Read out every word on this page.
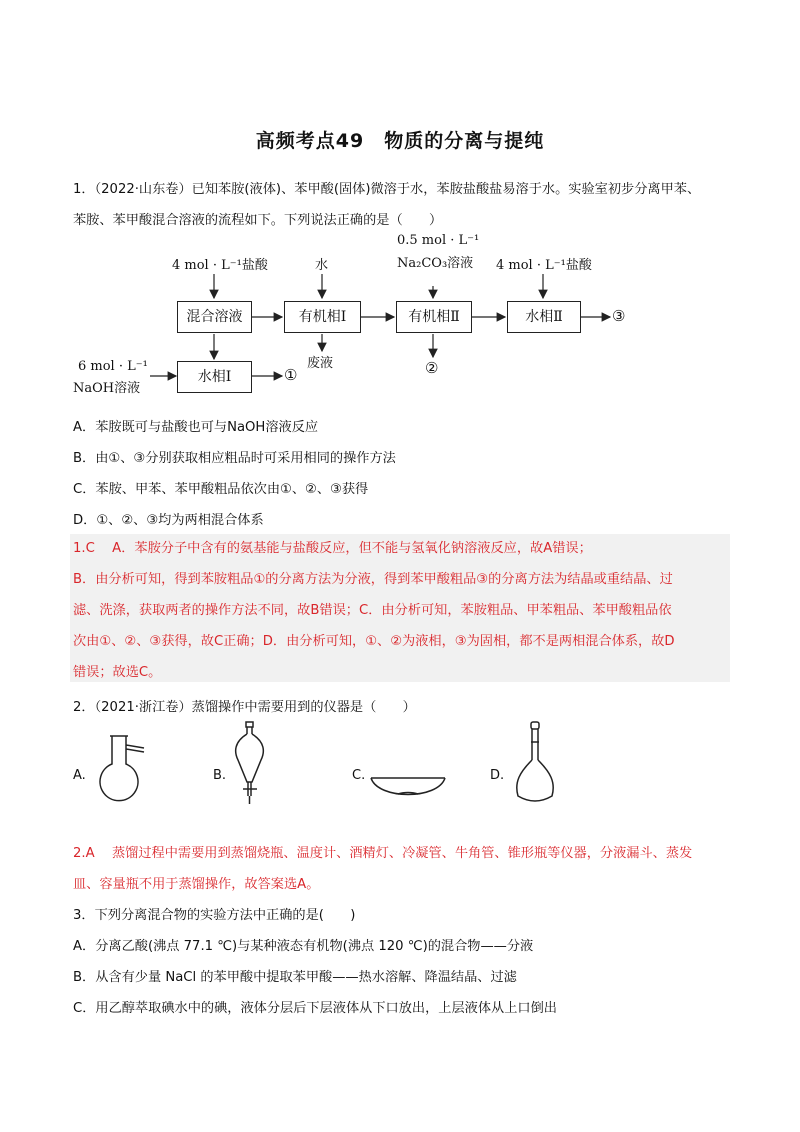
高频考点49　物质的分离与提纯
1．（2022·山东卷）已知苯胺(液体)、苯甲酸(固体)微溶于水，苯胺盐酸盐易溶于水。实验室初步分离甲苯、
苯胺、苯甲酸混合溶液的流程如下。下列说法正确的是（　　）
4 mol · L⁻¹盐酸	水
0.5 mol · L⁻¹
Na₂CO₃溶液 4 mol · L⁻¹盐酸
混合溶液	有机相Ⅰ	有机相Ⅱ	水相Ⅱ
水相Ⅰ
③
废液	②
6 mol · L⁻¹
NaOH溶液
①
A．苯胺既可与盐酸也可与NaOH溶液反应
B．由①、③分别获取相应粗品时可采用相同的操作方法
C．苯胺、甲苯、苯甲酸粗品依次由①、②、③获得
D．①、②、③均为两相混合体系
1.C　 A．苯胺分子中含有的氨基能与盐酸反应，但不能与氢氧化钠溶液反应，故A错误；
B．由分析可知，得到苯胺粗品①的分离方法为分液，得到苯甲酸粗品③的分离方法为结晶或重结晶、过
滤、洗涤，获取两者的操作方法不同，故B错误；C．由分析可知，苯胺粗品、甲苯粗品、苯甲酸粗品依
次由①、②、③获得，故C正确；D．由分析可知，①、②为液相，③为固相，都不是两相混合体系，故D
错误；故选C。
2．（2021·浙江卷）蒸馏操作中需要用到的仪器是（　　）
A.	B.	C.	D.
2.A　 蒸馏过程中需要用到蒸馏烧瓶、温度计、酒精灯、冷凝管、牛角管、锥形瓶等仪器，分液漏斗、蒸发
皿、容量瓶不用于蒸馏操作，故答案选A。
3．下列分离混合物的实验方法中正确的是(　　)
A．分离乙酸(沸点 77.1 ℃)与某种液态有机物(沸点 120 ℃)的混合物——分液
B．从含有少量 NaCl 的苯甲酸中提取苯甲酸——热水溶解、降温结晶、过滤
C．用乙醇萃取碘水中的碘，液体分层后下层液体从下口放出，上层液体从上口倒出
